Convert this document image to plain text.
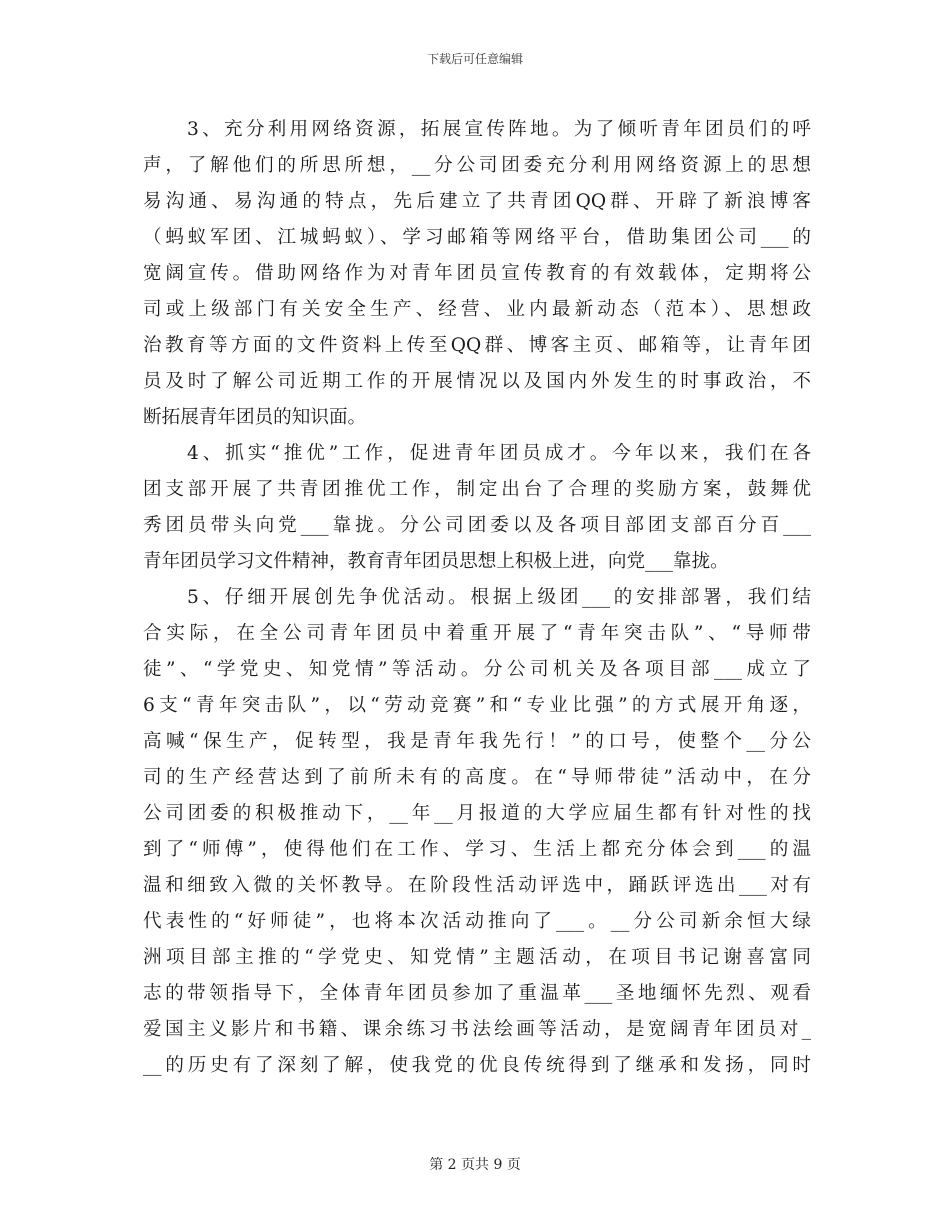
下载后可任意编辑
3、充分利用网络资源，拓展宣传阵地。为了倾听青年团员们的呼
声，了解他们的所思所想，__分公司团委充分利用网络资源上的思想
易沟通、易沟通的特点，先后建立了共青团QQ群、开辟了新浪博客
（蚂蚁军团、江城蚂蚁）、学习邮箱等网络平台，借助集团公司___的
宽阔宣传。借助网络作为对青年团员宣传教育的有效载体，定期将公
司或上级部门有关安全生产、经营、业内最新动态（范本）、思想政
治教育等方面的文件资料上传至QQ群、博客主页、邮箱等，让青年团
员及时了解公司近期工作的开展情况以及国内外发生的时事政治，不
断拓展青年团员的知识面。
4、抓实“推优”工作，促进青年团员成才。今年以来，我们在各
团支部开展了共青团推优工作，制定出台了合理的奖励方案，鼓舞优
秀团员带头向党___靠拢。分公司团委以及各项目部团支部百分百___
青年团员学习文件精神，教育青年团员思想上积极上进，向党___靠拢。
5、仔细开展创先争优活动。根据上级团___的安排部署，我们结
合实际，在全公司青年团员中着重开展了“青年突击队”、“导师带
徒”、“学党史、知党情”等活动。分公司机关及各项目部___成立了
6支“青年突击队”，以“劳动竞赛”和“专业比强”的方式展开角逐，
高喊“保生产，促转型，我是青年我先行！”的口号，使整个__分公
司的生产经营达到了前所未有的高度。在“导师带徒”活动中，在分
公司团委的积极推动下，__年__月报道的大学应届生都有针对性的找
到了“师傅”，使得他们在工作、学习、生活上都充分体会到___的温
温和细致入微的关怀教导。在阶段性活动评选中，踊跃评选出___对有
代表性的“好师徒”，也将本次活动推向了___。__分公司新余恒大绿
洲项目部主推的“学党史、知党情”主题活动，在项目书记谢喜富同
志的带领指导下，全体青年团员参加了重温革___圣地缅怀先烈、观看
爱国主义影片和书籍、课余练习书法绘画等活动，是宽阔青年团员对_
__的历史有了深刻了解，使我党的优良传统得到了继承和发扬，同时
第 2 页共 9 页
